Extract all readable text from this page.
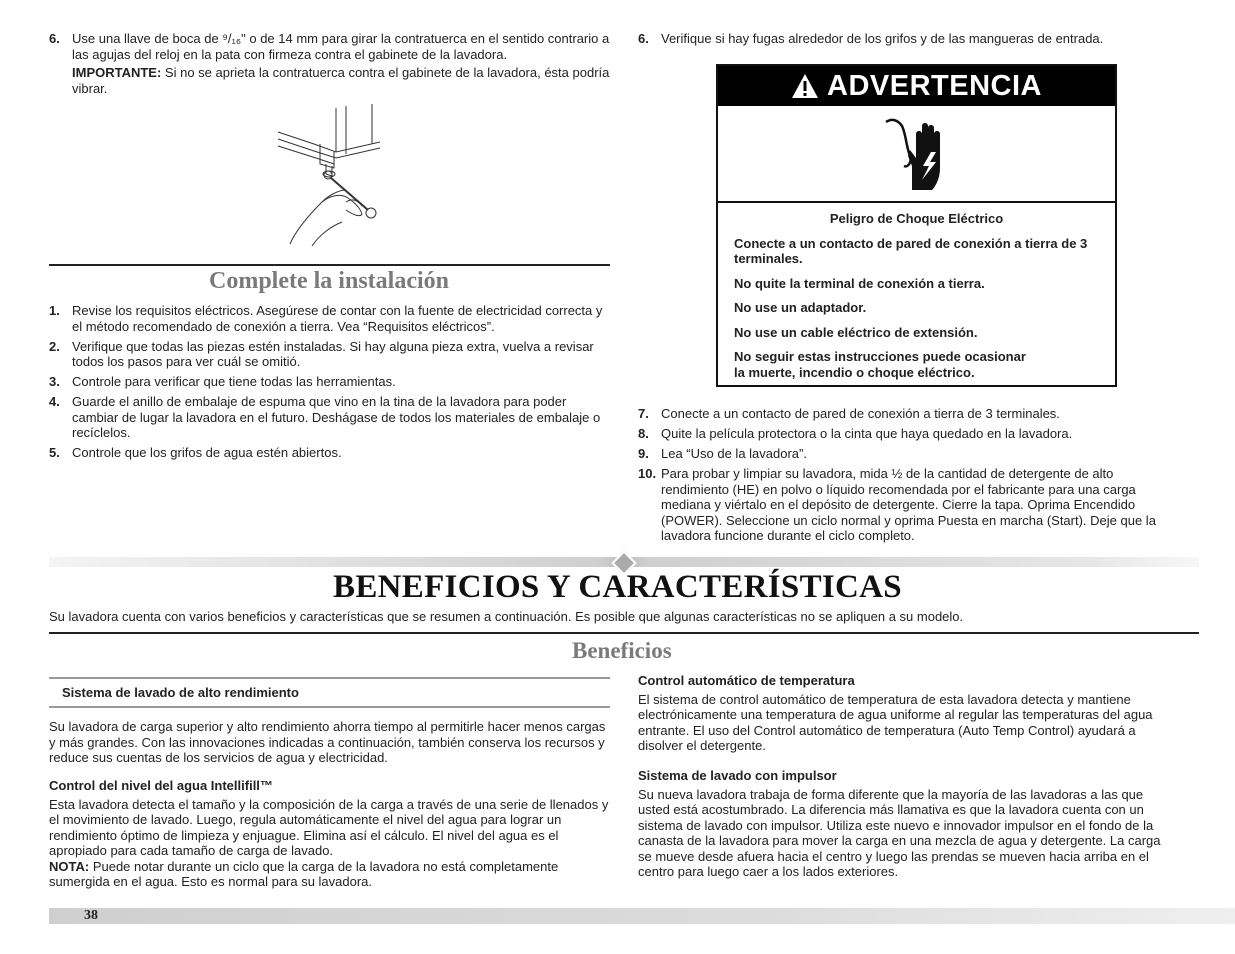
6. Use una llave de boca de ⁹/₁₆" o de 14 mm para girar la contratuerca en el sentido contrario a las agujas del reloj en la pata con firmeza contra el gabinete de la lavadora.
IMPORTANTE: Si no se aprieta la contratuerca contra el gabinete de la lavadora, ésta podría vibrar.
Complete la instalación
1. Revise los requisitos eléctricos. Asegúrese de contar con la fuente de electricidad correcta y el método recomendado de conexión a tierra. Vea “Requisitos eléctricos”.
2. Verifique que todas las piezas estén instaladas. Si hay alguna pieza extra, vuelva a revisar todos los pasos para ver cuál se omitió.
3. Controle para verificar que tiene todas las herramientas.
4. Guarde el anillo de embalaje de espuma que vino en la tina de la lavadora para poder cambiar de lugar la lavadora en el futuro. Deshágase de todos los materiales de embalaje o recíclelos.
5. Controle que los grifos de agua estén abiertos.
6. Verifique si hay fugas alrededor de los grifos y de las mangueras de entrada.
ADVERTENCIA

Peligro de Choque Eléctrico

Conecte a un contacto de pared de conexión a tierra de 3 terminales.

No quite la terminal de conexión a tierra.

No use un adaptador.

No use un cable eléctrico de extensión.

No seguir estas instrucciones puede ocasionar la muerte, incendio o choque eléctrico.

7. Conecte a un contacto de pared de conexión a tierra de 3 terminales.
8. Quite la película protectora o la cinta que haya quedado en la lavadora.
9. Lea “Uso de la lavadora”.
10. Para probar y limpiar su lavadora, mida ½ de la cantidad de detergente de alto rendimiento (HE) en polvo o líquido recomendada por el fabricante para una carga mediana y viértalo en el depósito de detergente. Cierre la tapa. Oprima Encendido (POWER). Seleccione un ciclo normal y oprima Puesta en marcha (Start). Deje que la lavadora funcione durante el ciclo completo.
BENEFICIOS Y CARACTERÍSTICAS

Su lavadora cuenta con varios beneficios y características que se resumen a continuación. Es posible que algunas características no se apliquen a su modelo.

Beneficios
Sistema de lavado de alto rendimiento

Su lavadora de carga superior y alto rendimiento ahorra tiempo al permitirle hacer menos cargas y más grandes. Con las innovaciones indicadas a continuación, también conserva los recursos y reduce sus cuentas de los servicios de agua y electricidad.

Control del nivel del agua Intellifill™

Esta lavadora detecta el tamaño y la composición de la carga a través de una serie de llenados y el movimiento de lavado. Luego, regula automáticamente el nivel del agua para lograr un rendimiento óptimo de limpieza y enjuague. Elimina así el cálculo. El nivel del agua es el apropiado para cada tamaño de carga de lavado.

NOTA: Puede notar durante un ciclo que la carga de la lavadora no está completamente sumergida en el agua. Esto es normal para su lavadora.

Control automático de temperatura

El sistema de control automático de temperatura de esta lavadora detecta y mantiene electrónicamente una temperatura de agua uniforme al regular las temperaturas del agua entrante. El uso del Control automático de temperatura (Auto Temp Control) ayudará a disolver el detergente.

Sistema de lavado con impulsor

Su nueva lavadora trabaja de forma diferente que la mayoría de las lavadoras a las que usted está acostumbrado. La diferencia más llamativa es que la lavadora cuenta con un sistema de lavado con impulsor. Utiliza este nuevo e innovador impulsor en el fondo de la canasta de la lavadora para mover la carga en una mezcla de agua y detergente. La carga se mueve desde afuera hacia el centro y luego las prendas se mueven hacia arriba en el centro para luego caer a los lados exteriores.

38
